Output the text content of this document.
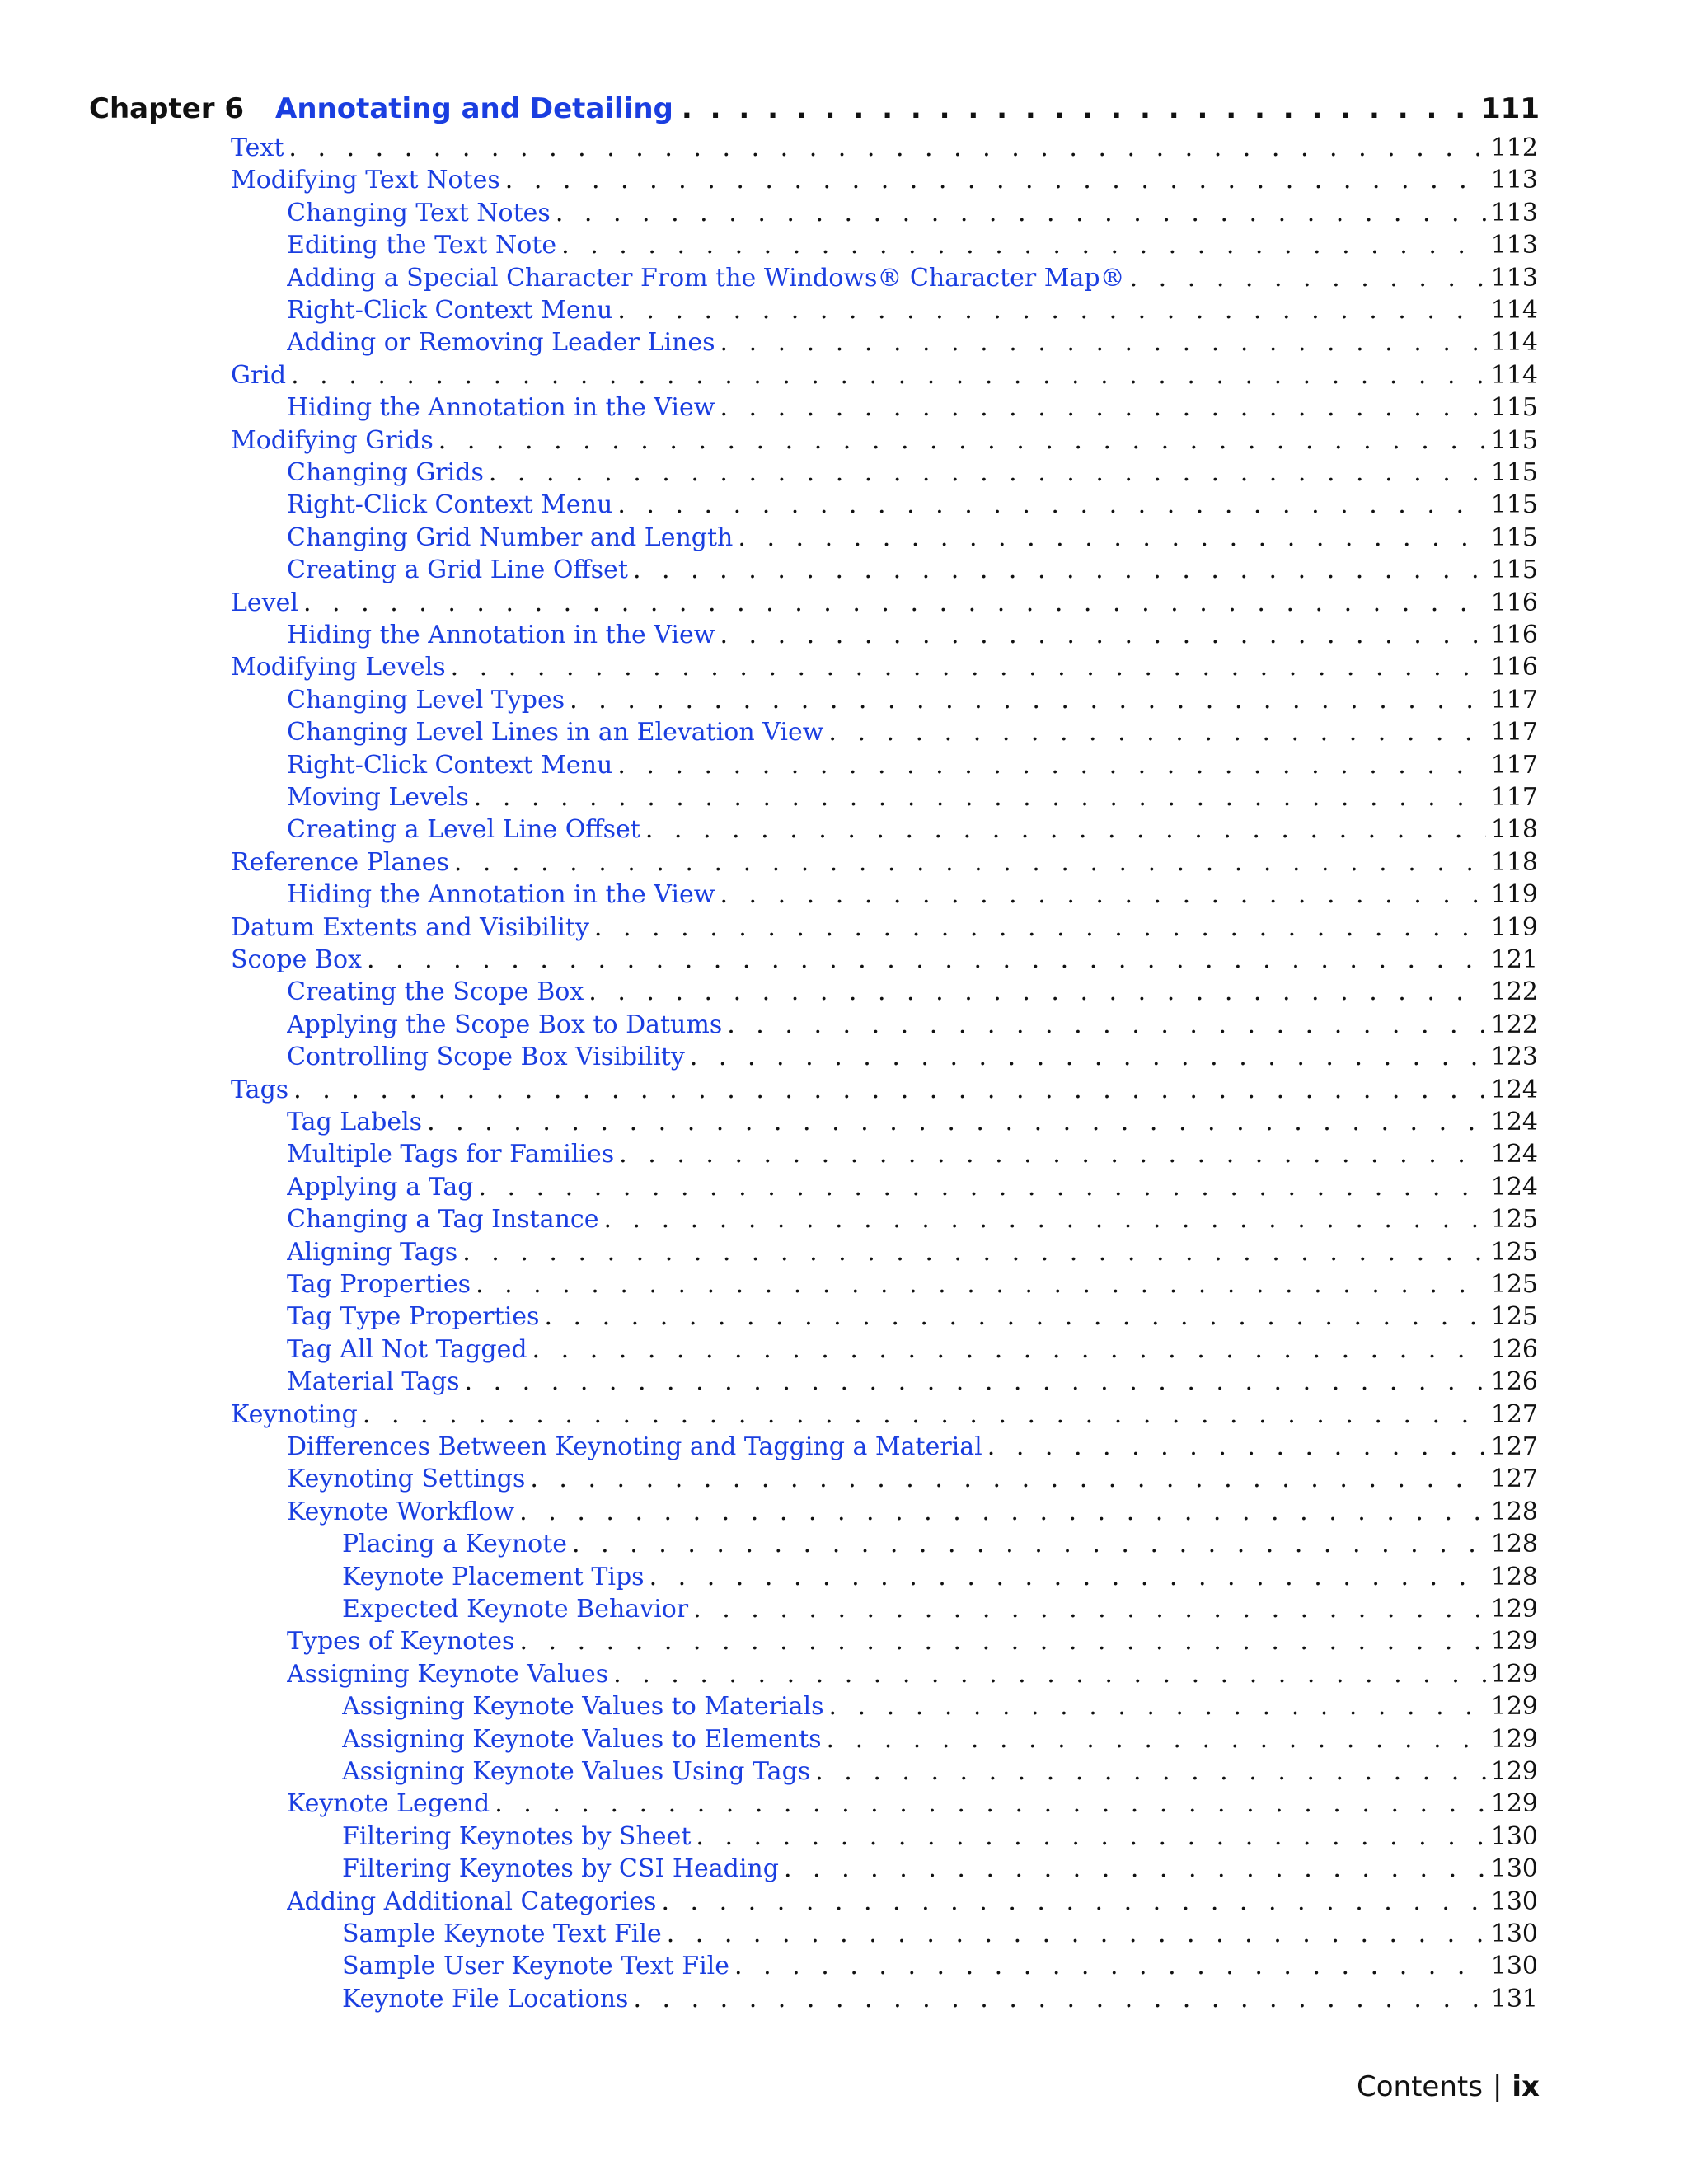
Chapter 6 Annotating and Detailing . . .	111
Text . . .	112
Modifying Text Notes . . .	113
Changing Text Notes . . .	113
Editing the Text Note . . .	113
Adding a Special Character From the Windows® Character Map® . . .	113
Right-Click Context Menu . . .	114
Adding or Removing Leader Lines . . .	114
Grid . . .	114
Hiding the Annotation in the View . . .	115
Modifying Grids . . .	115
Changing Grids . . .	115
Right-Click Context Menu . . .	115
Changing Grid Number and Length . . .	115
Creating a Grid Line Offset . . .	115
Level . . .	116
Hiding the Annotation in the View . . .	116
Modifying Levels . . .	116
Changing Level Types . . .	117
Changing Level Lines in an Elevation View . . .	117
Right-Click Context Menu . . .	117
Moving Levels . . .	117
Creating a Level Line Offset . . .	118
Reference Planes . . .	118
Hiding the Annotation in the View . . .	119
Datum Extents and Visibility . . .	119
Scope Box . . .	121
Creating the Scope Box . . .	122
Applying the Scope Box to Datums . . .	122
Controlling Scope Box Visibility . . .	123
Tags . . .	124
Tag Labels . . .	124
Multiple Tags for Families . . .	124
Applying a Tag . . .	124
Changing a Tag Instance . . .	125
Aligning Tags . . .	125
Tag Properties . . .	125
Tag Type Properties . . .	125
Tag All Not Tagged . . .	126
Material Tags . . .	126
Keynoting . . .	127
Differences Between Keynoting and Tagging a Material . . .	127
Keynoting Settings . . .	127
Keynote Workflow . . .	128
Placing a Keynote . . .	128
Keynote Placement Tips . . .	128
Expected Keynote Behavior . . .	129
Types of Keynotes . . .	129
Assigning Keynote Values . . .	129
Assigning Keynote Values to Materials . . .	129
Assigning Keynote Values to Elements . . .	129
Assigning Keynote Values Using Tags . . .	129
Keynote Legend . . .	129
Filtering Keynotes by Sheet . . .	130
Filtering Keynotes by CSI Heading . . .	130
Adding Additional Categories . . .	130
Sample Keynote Text File . . .	130
Sample User Keynote Text File . . .	130
Keynote File Locations . . .	131
Contents | ix
